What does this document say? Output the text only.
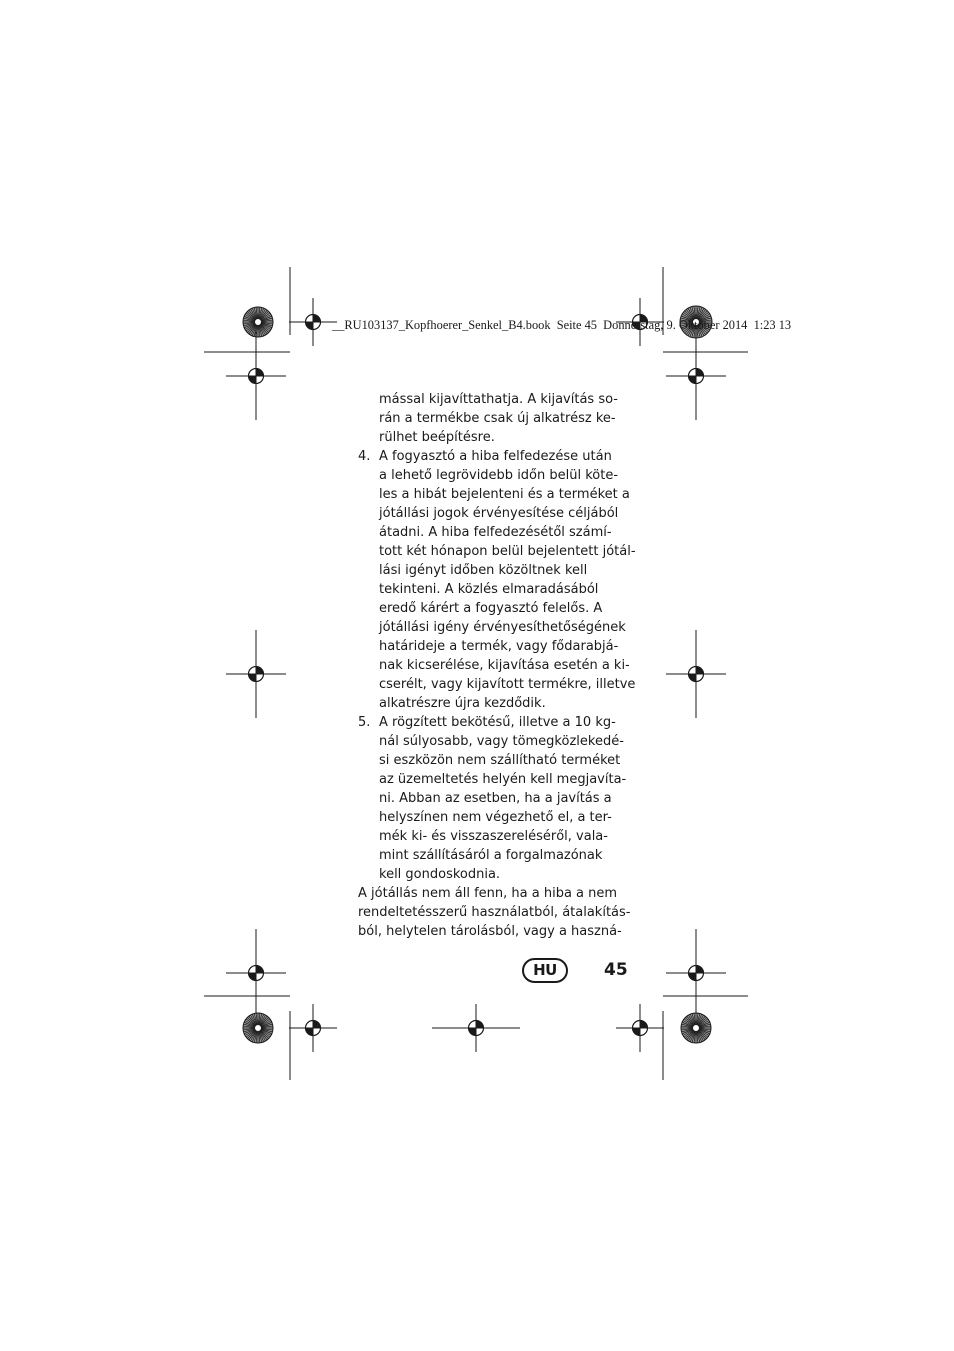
__RU103137_Kopfhoerer_Senkel_B4.book  Seite 45  Donnerstag, 9. Oktober 2014  1:23 13
mással kijavíttathatja. A kijavítás so-
rán a termékbe csak új alkatrész ke-
rülhet beépítésre.
4. A fogyasztó a hiba felfedezése után
a lehető legrövidebb időn belül köte-
les a hibát bejelenteni és a terméket a
jótállási jogok érvényesítése céljából
átadni. A hiba felfedezésétől számí-
tott két hónapon belül bejelentett jótál-
lási igényt időben közöltnek kell
tekinteni. A közlés elmaradásából
eredő kárért a fogyasztó felelős. A
jótállási igény érvényesíthetőségének
határideje a termék, vagy fődarabjá-
nak kicserélése, kijavítása esetén a ki-
cserélt, vagy kijavított termékre, illetve
alkatrészre újra kezdődik.
5. A rögzített bekötésű, illetve a 10 kg-
nál súlyosabb, vagy tömegközlekedé-
si eszközön nem szállítható terméket
az üzemeltetés helyén kell megjavíta-
ni. Abban az esetben, ha a javítás a
helyszínen nem végezhető el, a ter-
mék ki- és visszaszereléséről, vala-
mint szállításáról a forgalmazónak
kell gondoskodnia.
A jótállás nem áll fenn, ha a hiba a nem
rendeltetésszerű használatból, átalakítás-
ból, helytelen tárolásból, vagy a haszná-
HU	45
